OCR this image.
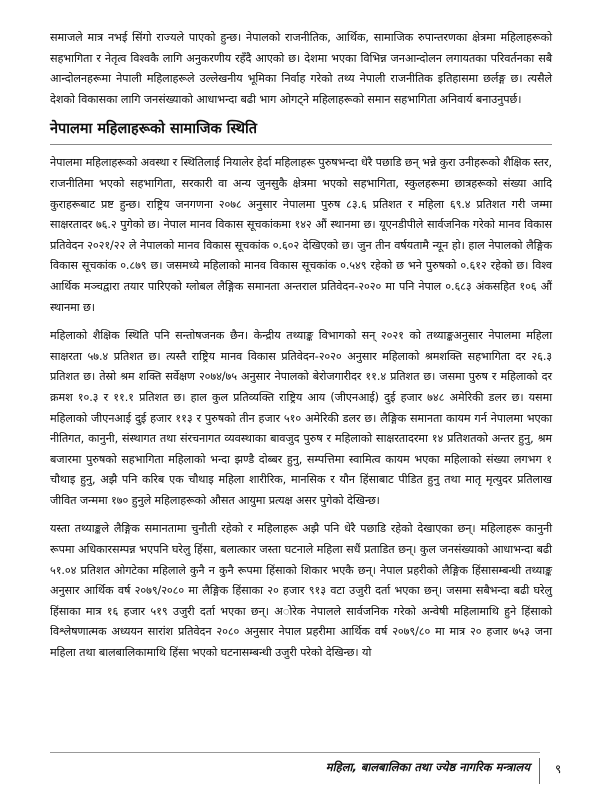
समाजले मात्र नभई सिंगो राज्यले पाएको हुन्छ। नेपालको राजनीतिक, आर्थिक, सामाजिक रुपान्तरणका क्षेत्रमा महिलाहरूको सहभागिता र नेतृत्व विश्वकै लागि अनुकरणीय रहँदै आएको छ। देशमा भएका विभिन्न जनआन्दोलन लगायतका परिवर्तनका सबै आन्दोलनहरूमा नेपाली महिलाहरूले उल्लेखनीय भूमिका निर्वाह गरेको तथ्य नेपाली राजनीतिक इतिहासमा छर्लङ्ग छ। त्यसैले देशको विकासका लागि जनसंख्याको आधाभन्दा बढी भाग ओगट्ने महिलाहरूको समान सहभागिता अनिवार्य बनाउनुपर्छ।

नेपालमा महिलाहरूको सामाजिक स्थिति

नेपालमा महिलाहरूको अवस्था र स्थितिलाई नियालेर हेर्दा महिलाहरू पुरुषभन्दा धेरै पछाडि छन् भन्ने कुरा उनीहरूको शैक्षिक स्तर, राजनीतिमा भएको सहभागिता, सरकारी वा अन्य जुनसुकै क्षेत्रमा भएको सहभागिता, स्कुलहरूमा छात्रहरूको संख्या आदि कुराहरूबाट प्रष्ट हुन्छ। राष्ट्रिय जनगणना २०७८ अनुसार नेपालमा पुरुष ८३.६ प्रतिशत र महिला ६९.४ प्रतिशत गरी जम्मा साक्षरतादर ७६.२ पुगेको छ। नेपाल मानव विकास सूचकांकमा १४२ औं स्थानमा छ। यूएनडीपीले सार्वजनिक गरेको मानव विकास प्रतिवेदन २०२१/२२ ले नेपालको मानव विकास सूचकांक ०.६०२ देखिएको छ। जुन तीन वर्षयतामै न्यून हो। हाल नेपालको लैङ्गिक विकास सूचकांक ०.८७९ छ। जसमध्ये महिलाको मानव विकास सूचकांक ०.५४९ रहेको छ भने पुरुषको ०.६१२ रहेको छ। विश्व आर्थिक मञ्चद्वारा तयार पारिएको ग्लोबल लैङ्गिक समानता अन्तराल प्रतिवेदन-२०२० मा पनि नेपाल ०.६८३ अंकसहित १०६ औं स्थानमा छ।

महिलाको शैक्षिक स्थिति पनि सन्तोषजनक छैन। केन्द्रीय तथ्याङ्क विभागको सन् २०२१ को तथ्याङ्कअनुसार नेपालमा महिला साक्षरता ५७.४ प्रतिशत छ। त्यस्तै राष्ट्रिय मानव विकास प्रतिवेदन-२०२० अनुसार महिलाको श्रमशक्ति सहभागिता दर २६.३ प्रतिशत छ। तेस्रो श्रम शक्ति सर्वेक्षण २०७४/७५ अनुसार नेपालको बेरोजगारीदर ११.४ प्रतिशत छ। जसमा पुरुष र महिलाको दर क्रमश १०.३ र ११.१ प्रतिशत छ। हाल कुल प्रतिव्यक्ति राष्ट्रिय आय (जीएनआई) दुई हजार ७४८ अमेरिकी डलर छ। यसमा महिलाको जीएनआई दुई हजार ११३ र पुरुषको तीन हजार ५१० अमेरिकी डलर छ। लैङ्गिक समानता कायम गर्न नेपालमा भएका नीतिगत, कानुनी, संस्थागत तथा संरचनागत व्यवस्थाका बावजुद पुरुष र महिलाको साक्षरतादरमा १४ प्रतिशतको अन्तर हुनु, श्रम बजारमा पुरुषको सहभागिता महिलाको भन्दा झण्डै दोब्बर हुनु, सम्पत्तिमा स्वामित्व कायम भएका महिलाको संख्या लगभग १ चौथाइ हुनु, अझै पनि करिब एक चौथाइ महिला शारीरिक, मानसिक र यौन हिंसाबाट पीडित हुनु तथा मातृ मृत्युदर प्रतिलाख जीवित जन्ममा १७० हुनुले महिलाहरूको औसत आयुमा प्रत्यक्ष असर पुगेको देखिन्छ।

यस्ता तथ्याङ्कले लैङ्गिक समानतामा चुनौती रहेको र महिलाहरू अझै पनि धेरै पछाडि रहेको देखाएका छन्। महिलाहरू कानुनी रूपमा अधिकारसम्पन्न भएपनि घरेलु हिंसा, बलात्कार जस्ता घटनाले महिला सधैं प्रताडित छन्। कुल जनसंख्याको आधाभन्दा बढी ५१.०४ प्रतिशत ओगटेका महिलाले कुनै न कुनै रूपमा हिंसाको शिकार भएकै छन्। नेपाल प्रहरीको लैङ्गिक हिंसासम्बन्धी तथ्याङ्क अनुसार आर्थिक वर्ष २०७९/२०८० मा लैङ्गिक हिंसाका २० हजार ९१३ वटा उजुरी दर्ता भएका छन्। जसमा सबैभन्दा बढी घरेलु हिंसाका मात्र १६ हजार ५१९ उजुरी दर्ता भएका छन्। अोरेक नेपालले सार्वजनिक गरेको अन्वेषी महिलामाथि हुने हिंसाको विश्लेषणात्मक अध्ययन सारांश प्रतिवेदन २०८० अनुसार नेपाल प्रहरीमा आर्थिक वर्ष २०७९/८० मा मात्र २० हजार ७५३ जना महिला तथा बालबालिकामाथि हिंसा भएको घटनासम्बन्धी उजुरी परेको देखिन्छ। यो

महिला, बालबालिका तथा ज्येष्ठ नागरिक मन्त्रालय ९
